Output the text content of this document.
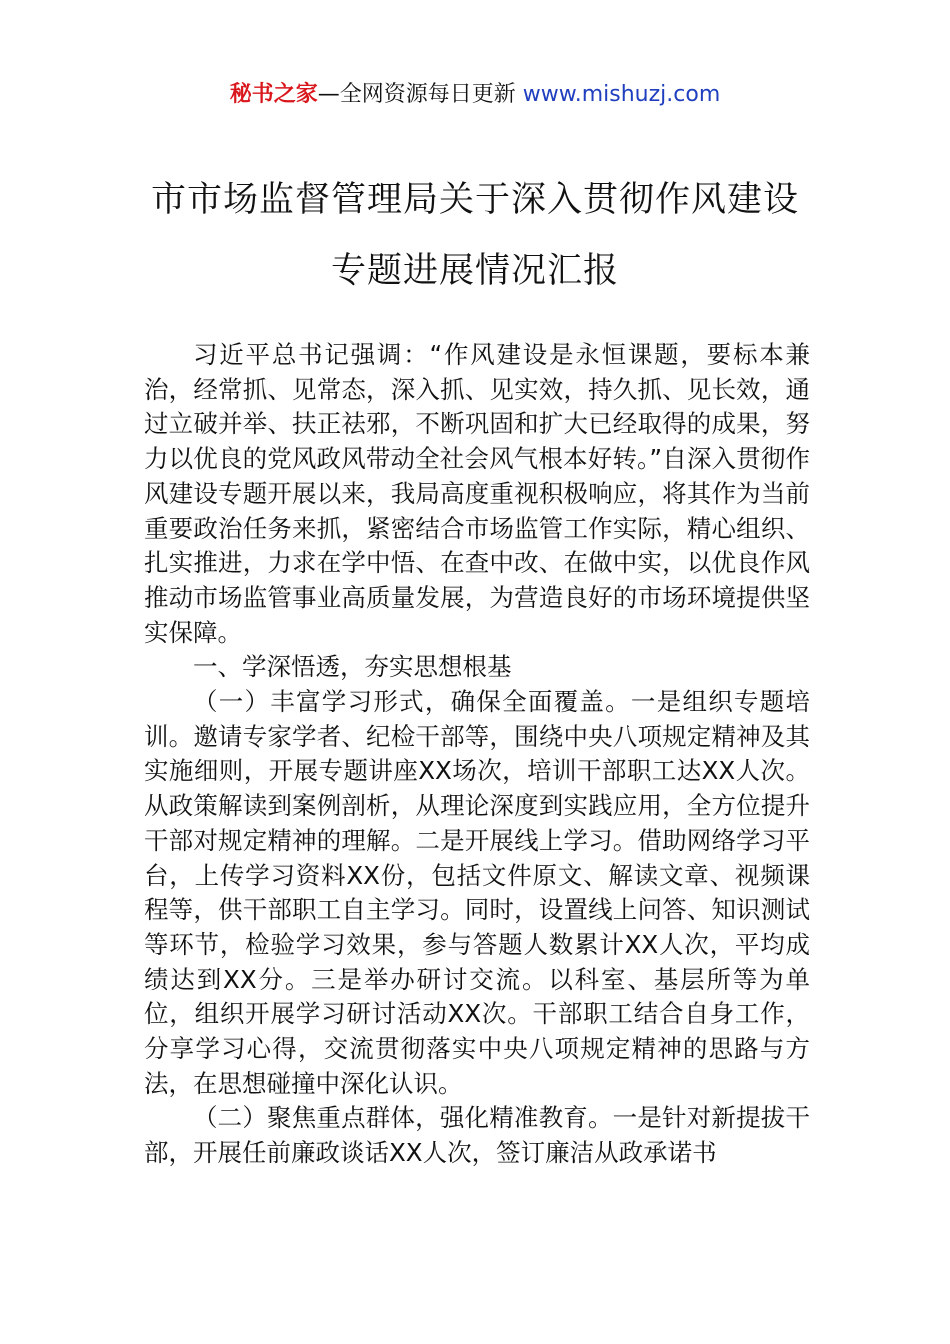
秘书之家—全网资源每日更新 www.mishuzj.com
市市场监督管理局关于深入贯彻作风建设
专题进展情况汇报

习近平总书记强调：“作风建设是永恒课题，要标本兼治，经常抓、见常态，深入抓、见实效，持久抓、见长效，通过立破并举、扶正祛邪，不断巩固和扩大已经取得的成果，努力以优良的党风政风带动全社会风气根本好转。”自深入贯彻作风建设专题开展以来，我局高度重视积极响应，将其作为当前重要政治任务来抓，紧密结合市场监管工作实际，精心组织、扎实推进，力求在学中悟、在查中改、在做中实，以优良作风推动市场监管事业高质量发展，为营造良好的市场环境提供坚实保障。

一、学深悟透，夯实思想根基

（一）丰富学习形式，确保全面覆盖。一是组织专题培训。邀请专家学者、纪检干部等，围绕中央八项规定精神及其实施细则，开展专题讲座XX场次，培训干部职工达XX人次。从政策解读到案例剖析，从理论深度到实践应用，全方位提升干部对规定精神的理解。二是开展线上学习。借助网络学习平台，上传学习资料XX份，包括文件原文、解读文章、视频课程等，供干部职工自主学习。同时，设置线上问答、知识测试等环节，检验学习效果，参与答题人数累计XX人次，平均成绩达到XX分。三是举办研讨交流。以科室、基层所等为单位，组织开展学习研讨活动XX次。干部职工结合自身工作，分享学习心得，交流贯彻落实中央八项规定精神的思路与方法，在思想碰撞中深化认识。

（二）聚焦重点群体，强化精准教育。一是针对新提拔干部，开展任前廉政谈话XX人次，签订廉洁从政承诺书
